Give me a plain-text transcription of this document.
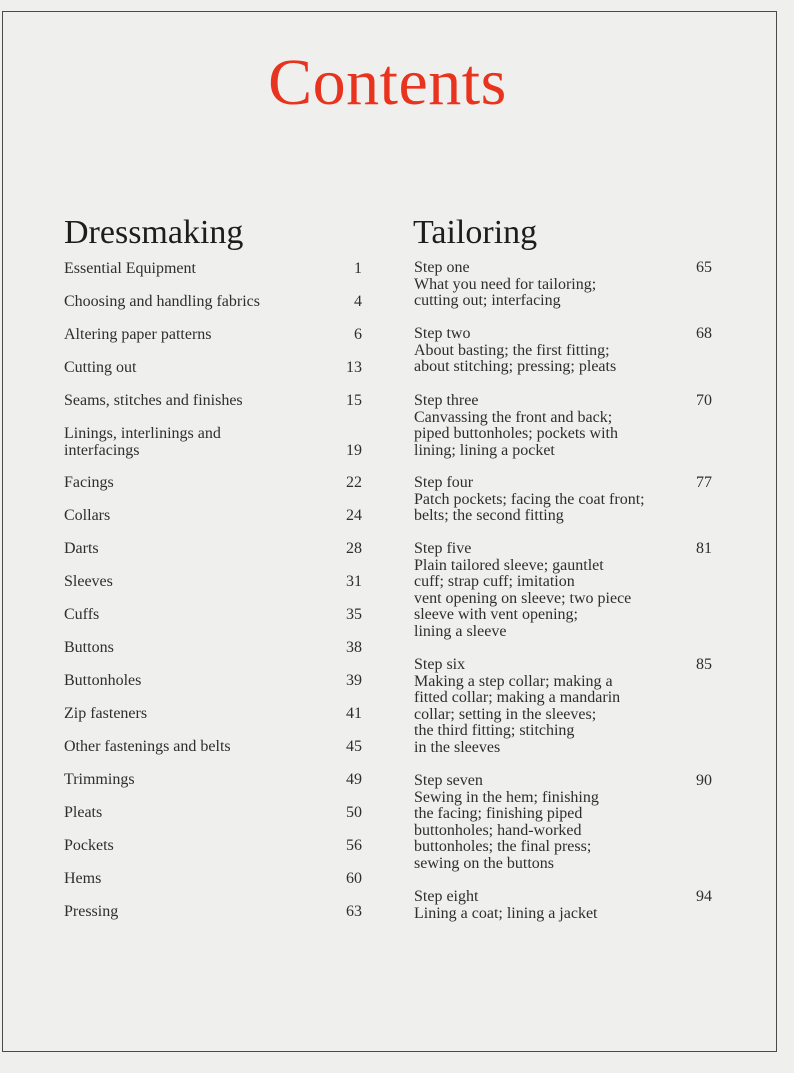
Contents
Dressmaking	Tailoring
Essential Equipment	1
Choosing and handling fabrics	4
Altering paper patterns	6
Cutting out	13
Seams, stitches and finishes	15
Linings, interlinings and
interfacings	19
Facings	22
Collars	24
Darts	28
Sleeves	31
Cuffs	35
Buttons	38
Buttonholes	39
Zip fasteners	41
Other fastenings and belts	45
Trimmings	49
Pleats	50
Pockets	56
Hems	60
Pressing	63
Step one	65
What you need for tailoring;
cutting out; interfacing
Step two	68
About basting; the first fitting;
about stitching; pressing; pleats
Step three	70
Canvassing the front and back;
piped buttonholes; pockets with
lining; lining a pocket
Step four	77
Patch pockets; facing the coat front;
belts; the second fitting
Step five	81
Plain tailored sleeve; gauntlet
cuff; strap cuff; imitation
vent opening on sleeve; two piece
sleeve with vent opening;
lining a sleeve
Step six	85
Making a step collar; making a
fitted collar; making a mandarin
collar; setting in the sleeves;
the third fitting; stitching
in the sleeves
Step seven	90
Sewing in the hem; finishing
the facing; finishing piped
buttonholes; hand-worked
buttonholes; the final press;
sewing on the buttons
Step eight	94
Lining a coat; lining a jacket
